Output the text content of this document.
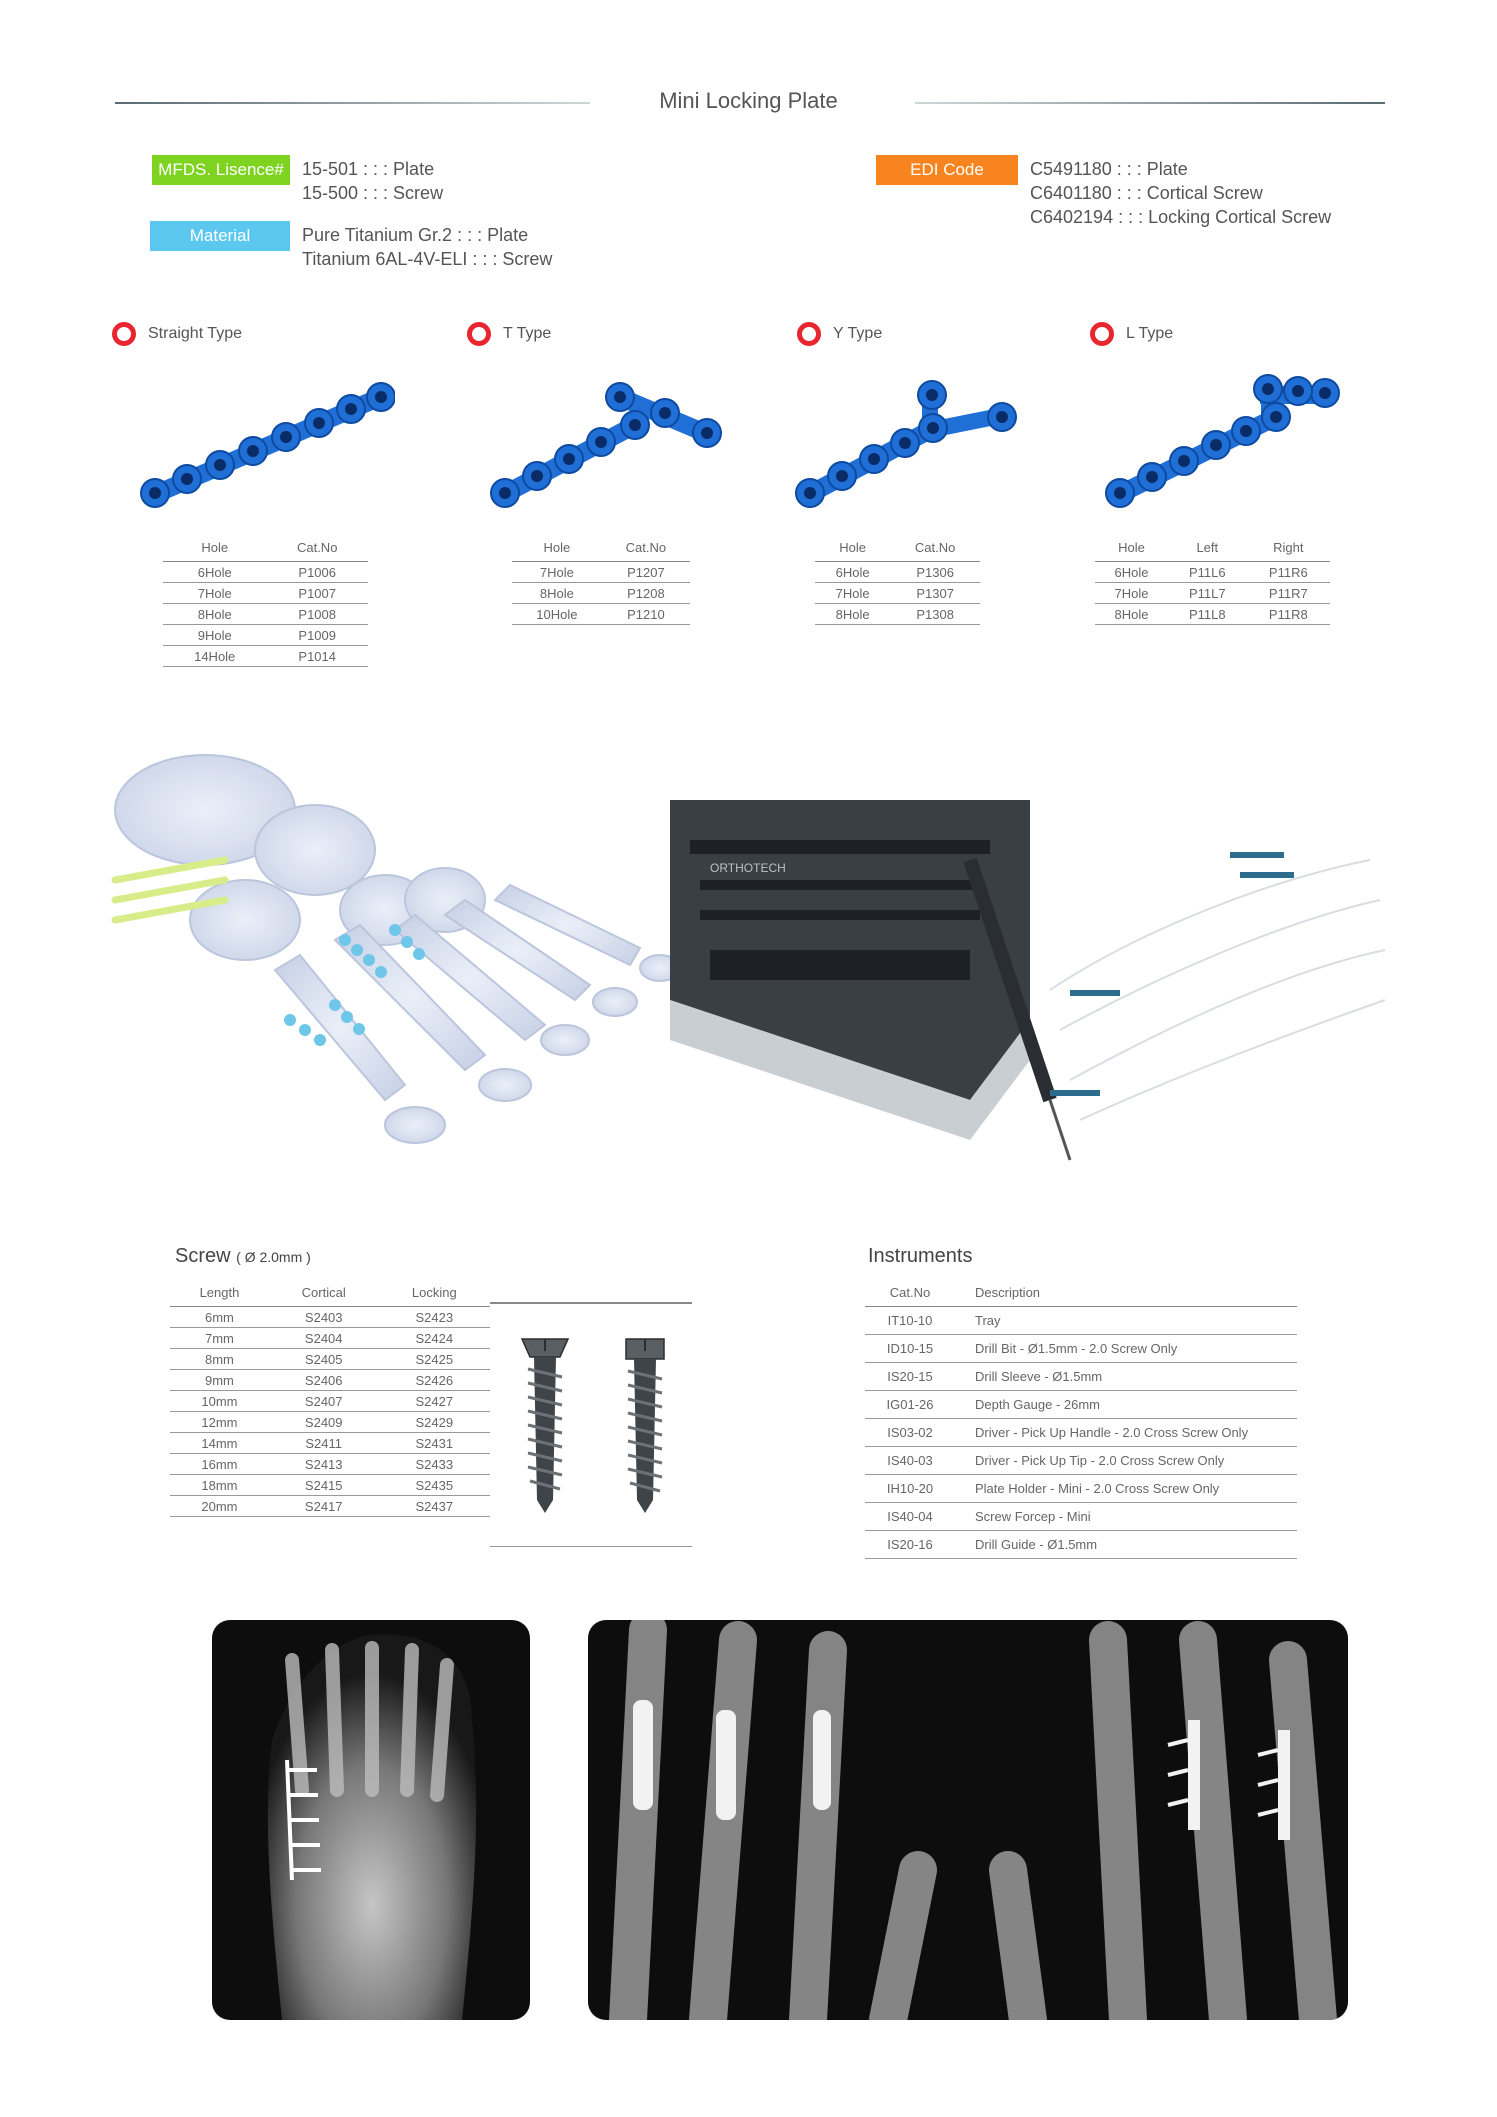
Mini Locking Plate
MFDS. Lisence#	15-501 : : : Plate
15-500 : : : Screw
Material	Pure Titanium Gr.2 : : : Plate
Titanium 6AL-4V-ELI : : : Screw
EDI Code	C5491180 : : : Plate
C6401180 : : : Cortical Screw
C6402194 : : : Locking Cortical Screw
Straight Type	T Type	Y Type	L Type
Hole	Cat.No
6Hole	P1006
7Hole	P1007
8Hole	P1008
9Hole	P1009
14Hole	P1014
Hole	Cat.No
7Hole	P1207
8Hole	P1208
10Hole	P1210
Hole	Cat.No
6Hole	P1306
7Hole	P1307
8Hole	P1308
Hole	Left	Right
6Hole	P11L6	P11R6
7Hole	P11L7	P11R7
8Hole	P11L8	P11R8
ORTHOTECH
Screw ( Ø 2.0mm )
Length	Cortical	Locking
6mm	S2403	S2423
7mm	S2404	S2424
8mm	S2405	S2425
9mm	S2406	S2426
10mm	S2407	S2427
12mm	S2409	S2429
14mm	S2411	S2431
16mm	S2413	S2433
18mm	S2415	S2435
20mm	S2417	S2437
Instruments
Cat.No	Description
IT10-10	Tray
ID10-15	Drill Bit - Ø1.5mm - 2.0 Screw Only
IS20-15	Drill Sleeve - Ø1.5mm
IG01-26	Depth Gauge - 26mm
IS03-02	Driver - Pick Up Handle - 2.0 Cross Screw Only
IS40-03	Driver - Pick Up Tip - 2.0 Cross Screw Only
IH10-20	Plate Holder - Mini - 2.0 Cross Screw Only
IS40-04	Screw Forcep - Mini
IS20-16	Drill Guide - Ø1.5mm
